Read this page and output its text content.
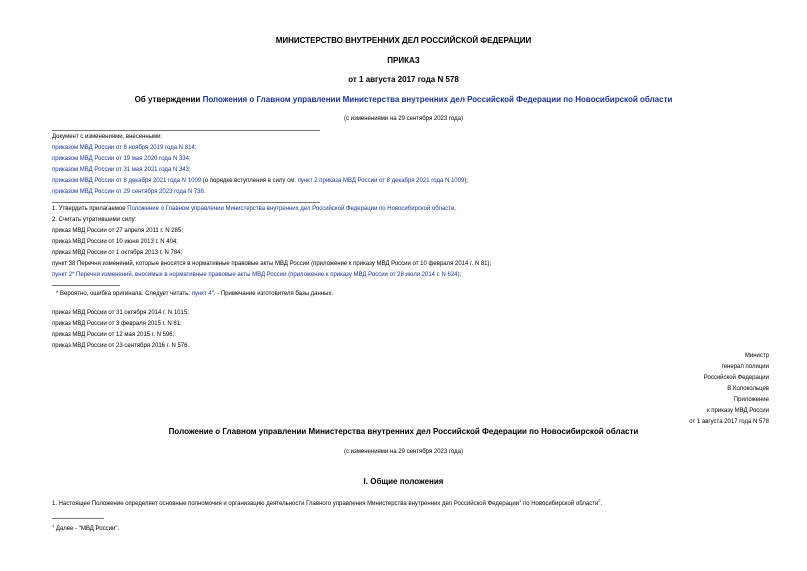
МИНИСТЕРСТВО ВНУТРЕННИХ ДЕЛ РОССИЙСКОЙ ФЕДЕРАЦИИ
ПРИКАЗ
от 1 августа 2017 года N 578
Об утверждении Положения о Главном управлении Министерства внутренних дел Российской Федерации по Новосибирской области
(с изменениями на 29 сентября 2023 года)
Документ с изменениями, внесенными:
приказом МВД России от 8 ноября 2019 года N 814;
приказом МВД России от 19 мая 2020 года N 334;
приказом МВД России от 31 мая 2021 года N 343;
приказом МВД России от 8 декабря 2021 года N 1009 (о порядке вступления в силу см. пункт 2 приказа МВД России от 8 декабря 2021 года N 1009);
приказом МВД России от 29 сентября 2023 года N 738.
1. Утвердить прилагаемое Положение о Главном управлении Министерства внутренних дел Российской Федерации по Новосибирской области.
2. Считать утратившими силу:
приказ МВД России от 27 апреля 2011 г. N 285;
приказ МВД России от 10 июня 2013 г. N 404;
приказ МВД России от 1 октября 2013 г. N 784;
пункт 38 Перечня изменений, которые вносятся в нормативные правовые акты МВД России (приложение к приказу МВД России от 10 февраля 2014 г. N 81);
пункт 2* Перечня изменений, вносимых в нормативные правовые акты МВД России (приложение к приказу МВД России от 28 июля 2014 г. N 624);
* Вероятно, ошибка оригинала. Следует читать: пункт 4". - Примечание изготовителя базы данных.
приказ МВД России от 31 октября 2014 г. N 1015;
приказ МВД России от 3 февраля 2015 г. N 81;
приказ МВД России от 12 мая 2015 г. N 596;
приказ МВД России от 23 сентября 2016 г. N 576.
Министр
генерал полиции
Российской Федерации
В.Колокольцев
Приложение
к приказу МВД России
от 1 августа 2017 года N 578
Положение о Главном управлении Министерства внутренних дел Российской Федерации по Новосибирской области
(с изменениями на 29 сентября 2023 года)
I. Общие положения
1. Настоящее Положение определяет основные полномочия и организацию деятельности Главного управления Министерства внутренних дел Российской Федерации$^1$ по Новосибирской области$^2$.
$^1$ Далее - "МВД России".
